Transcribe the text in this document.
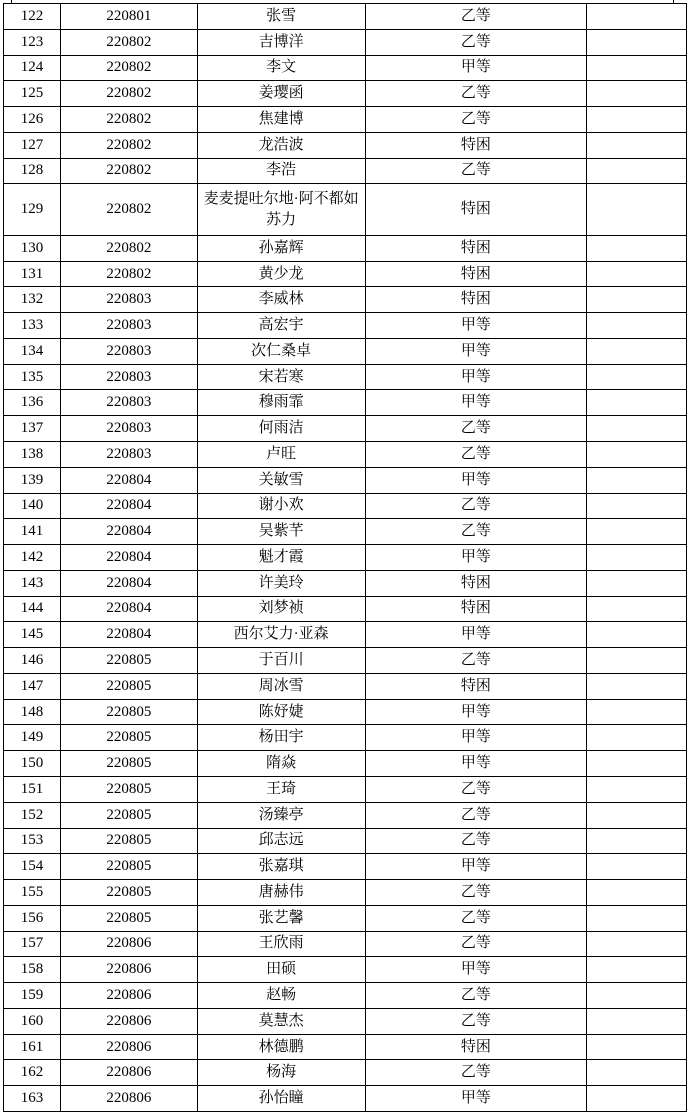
122	220801	张雪	乙等	
123	220802	吉博洋	乙等	
124	220802	李文	甲等	
125	220802	姜璎函	乙等	
126	220802	焦建博	乙等	
127	220802	龙浩波	特困	
128	220802	李浩	乙等	
129	220802	麦麦提吐尔地·阿不都如苏力	特困	
130	220802	孙嘉辉	特困	
131	220802	黄少龙	特困	
132	220803	李威林	特困	
133	220803	高宏宇	甲等	
134	220803	次仁桑卓	甲等	
135	220803	宋若寒	甲等	
136	220803	穆雨霏	甲等	
137	220803	何雨洁	乙等	
138	220803	卢旺	乙等	
139	220804	关敏雪	甲等	
140	220804	谢小欢	乙等	
141	220804	吴紫芊	乙等	
142	220804	魁才霞	甲等	
143	220804	许美玲	特困	
144	220804	刘梦祯	特困	
145	220804	西尔艾力·亚森	甲等	
146	220805	于百川	乙等	
147	220805	周冰雪	特困	
148	220805	陈妤婕	甲等	
149	220805	杨田宇	甲等	
150	220805	隋焱	甲等	
151	220805	王琦	乙等	
152	220805	汤臻亭	乙等	
153	220805	邱志远	乙等	
154	220805	张嘉琪	甲等	
155	220805	唐赫伟	乙等	
156	220805	张艺馨	乙等	
157	220806	王欣雨	乙等	
158	220806	田硕	甲等	
159	220806	赵畅	乙等	
160	220806	莫慧杰	乙等	
161	220806	林德鹏	特困	
162	220806	杨海	乙等	
163	220806	孙怡瞳	甲等	
